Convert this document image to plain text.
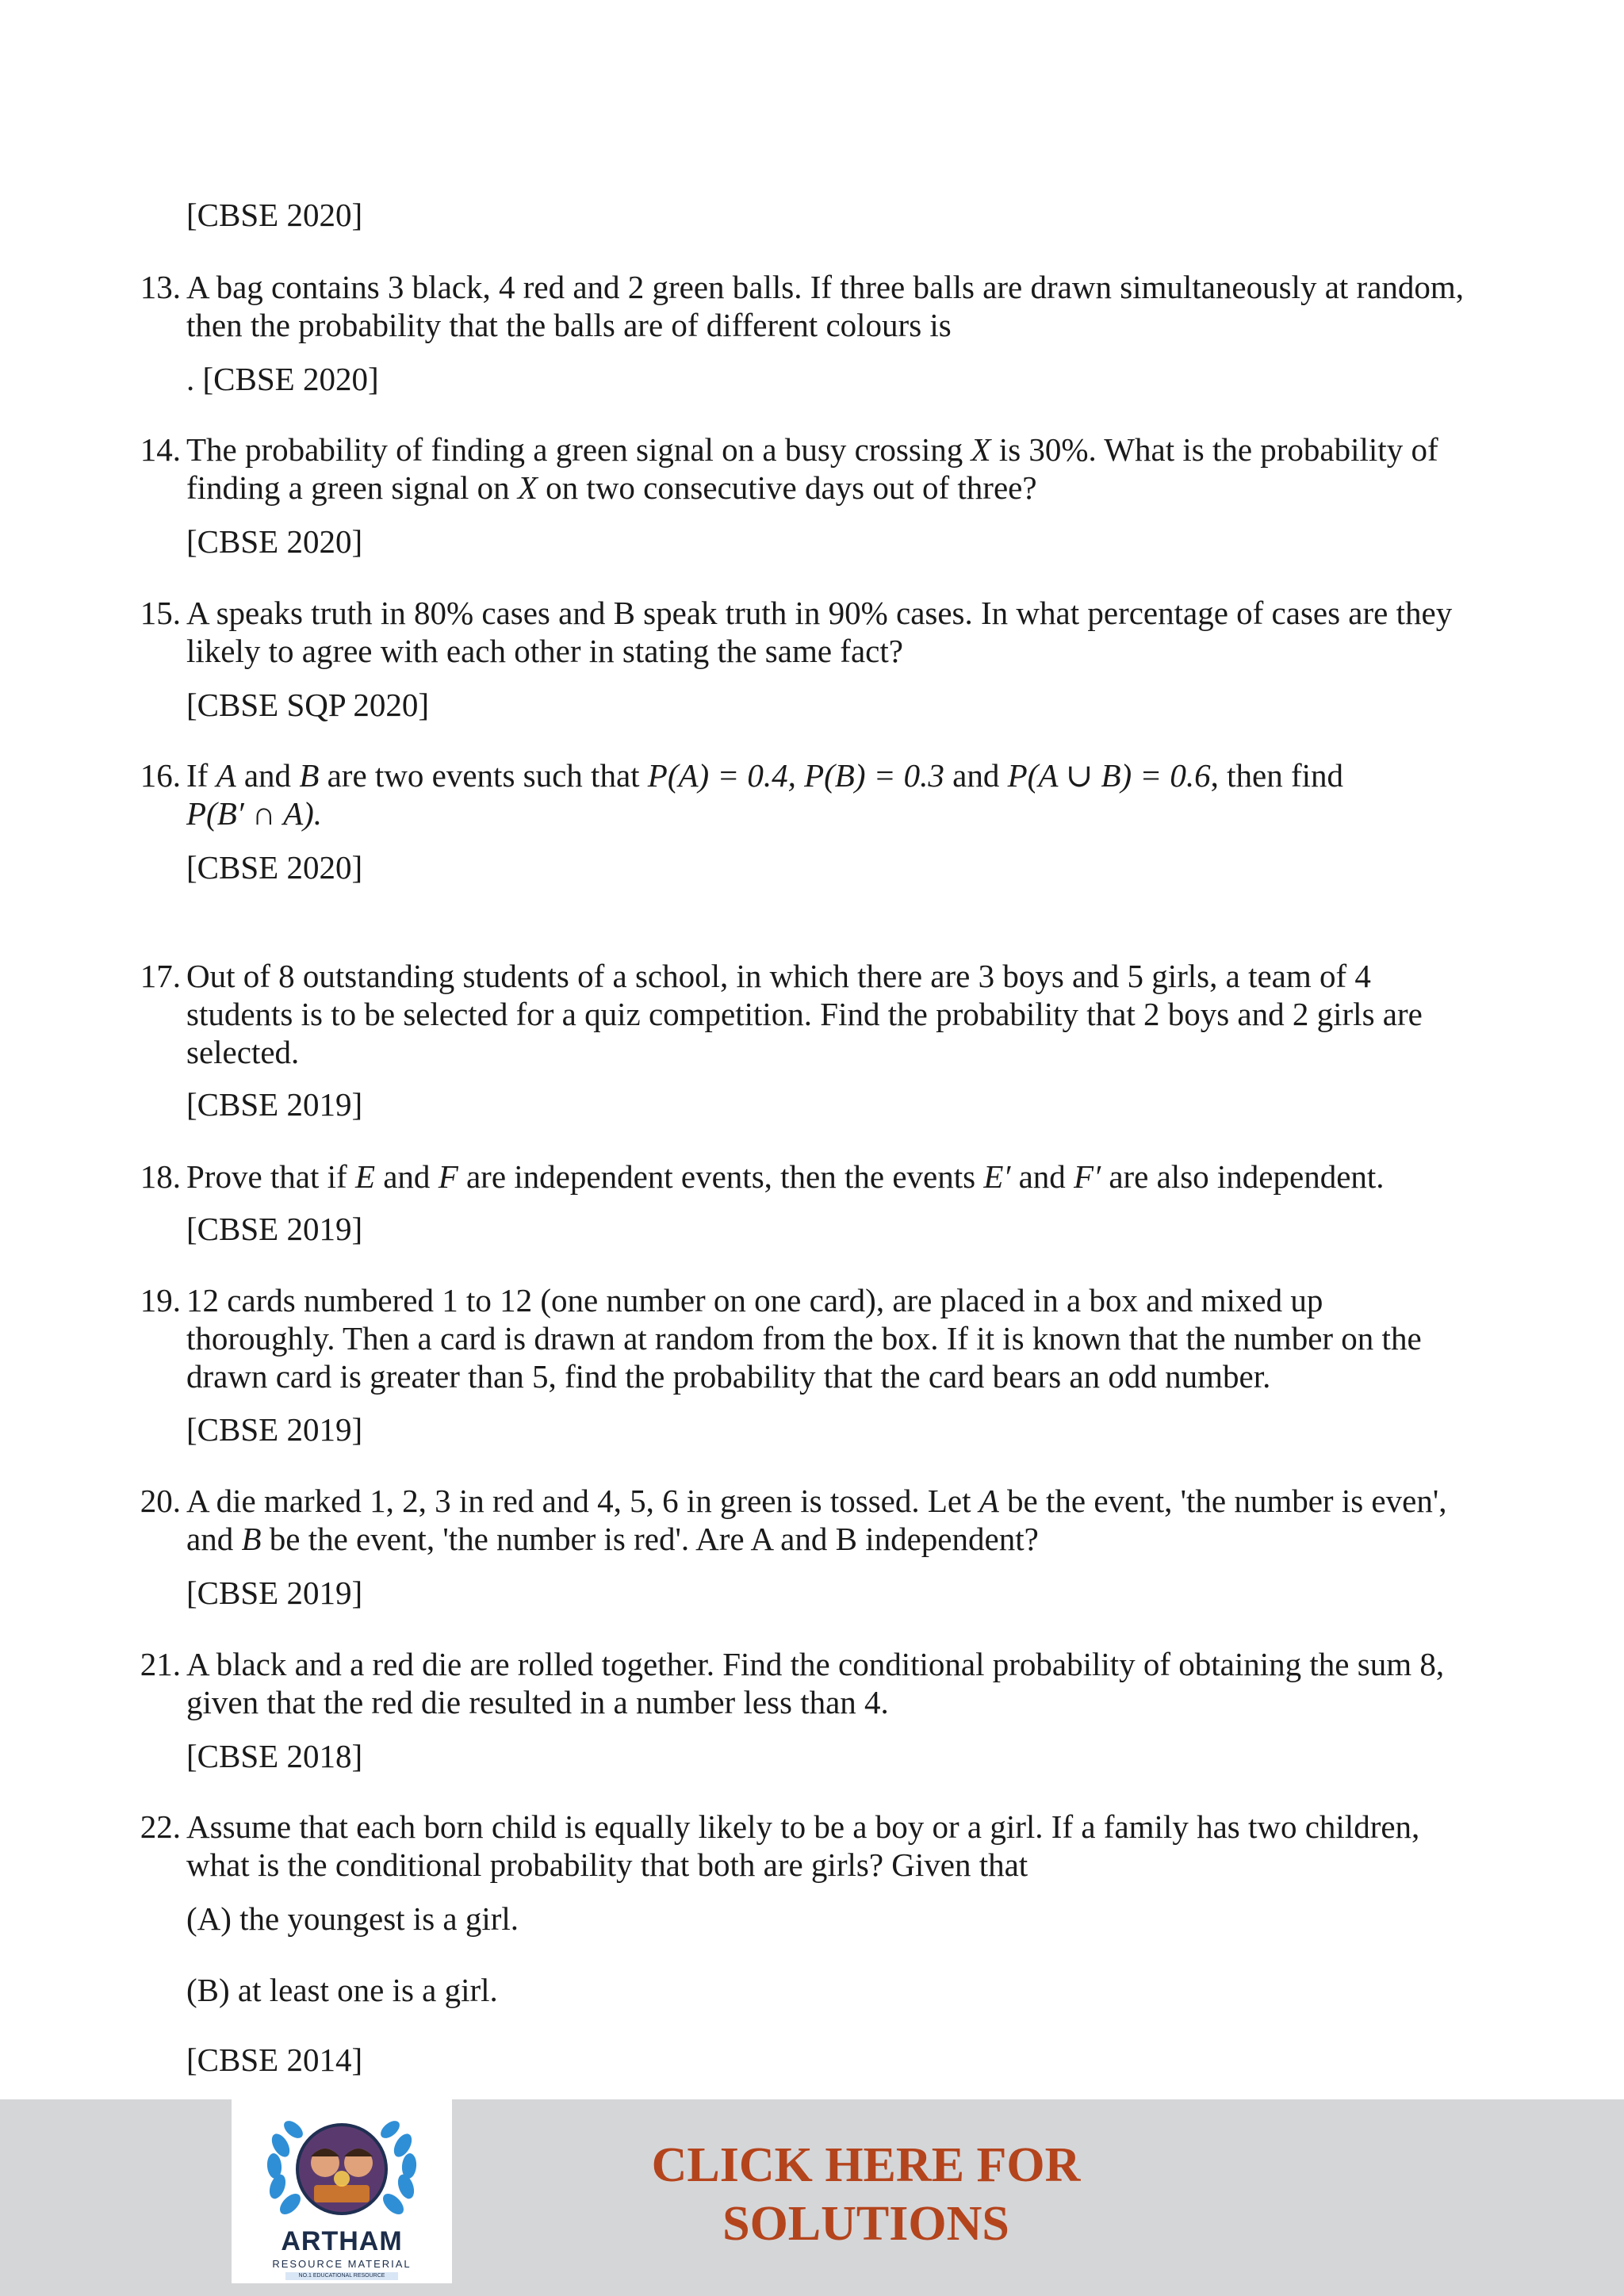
[CBSE 2020]
13. A bag contains 3 black, 4 red and 2 green balls. If three balls are drawn simultaneously at random,
then the probability that the balls are of different colours is
. [CBSE 2020]
14. The probability of finding a green signal on a busy crossing X is 30%. What is the probability of
finding a green signal on X on two consecutive days out of three?
[CBSE 2020]
15. A speaks truth in 80% cases and B speak truth in 90% cases. In what percentage of cases are they
likely to agree with each other in stating the same fact?
[CBSE SQP 2020]
16. If A and B are two events such that P(A) = 0.4, P(B) = 0.3 and P(A ∪ B) = 0.6, then find
P(B′ ∩ A).
[CBSE 2020]
17. Out of 8 outstanding students of a school, in which there are 3 boys and 5 girls, a team of 4
students is to be selected for a quiz competition. Find the probability that 2 boys and 2 girls are
selected.
[CBSE 2019]
18. Prove that if E and F are independent events, then the events E′ and F′ are also independent.
[CBSE 2019]
19. 12 cards numbered 1 to 12 (one number on one card), are placed in a box and mixed up
thoroughly. Then a card is drawn at random from the box. If it is known that the number on the
drawn card is greater than 5, find the probability that the card bears an odd number.
[CBSE 2019]
20. A die marked 1, 2, 3 in red and 4, 5, 6 in green is tossed. Let A be the event, 'the number is even',
and B be the event, 'the number is red'. Are A and B independent?
[CBSE 2019]
21. A black and a red die are rolled together. Find the conditional probability of obtaining the sum 8,
given that the red die resulted in a number less than 4.
[CBSE 2018]
22. Assume that each born child is equally likely to be a boy or a girl. If a family has two children,
what is the conditional probability that both are girls? Given that
(A) the youngest is a girl.
(B) at least one is a girl.
[CBSE 2014]
ARTHAM
RESOURCE MATERIAL
NO.1 EDUCATIONAL RESOURCE
CLICK HERE FOR
SOLUTIONS
